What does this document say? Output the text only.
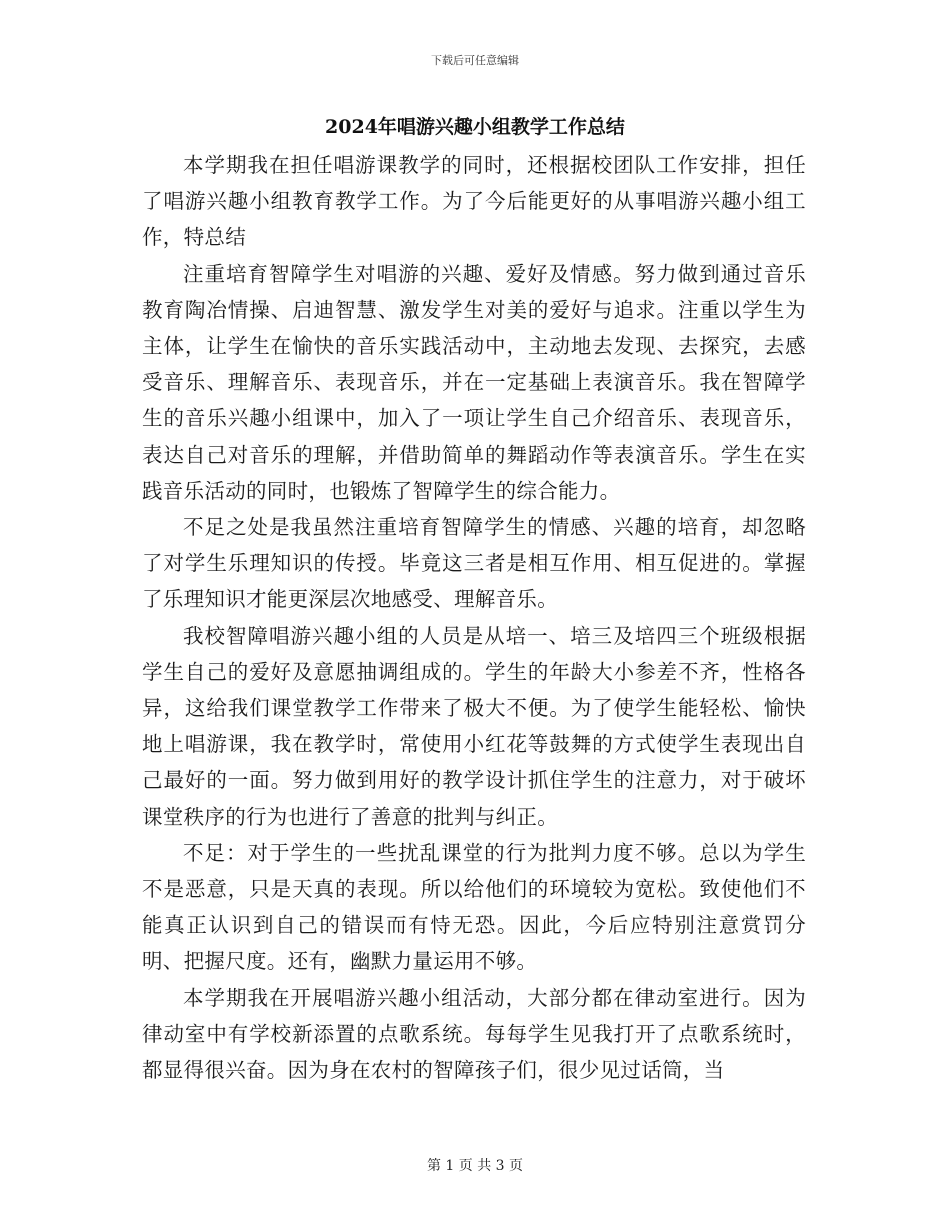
下载后可任意编辑
2024年唱游兴趣小组教学工作总结

本学期我在担任唱游课教学的同时，还根据校团队工作安排，担任了唱游兴趣小组教育教学工作。为了今后能更好的从事唱游兴趣小组工作，特总结

注重培育智障学生对唱游的兴趣、爱好及情感。努力做到通过音乐教育陶冶情操、启迪智慧、激发学生对美的爱好与追求。注重以学生为主体，让学生在愉快的音乐实践活动中，主动地去发现、去探究，去感受音乐、理解音乐、表现音乐，并在一定基础上表演音乐。我在智障学生的音乐兴趣小组课中，加入了一项让学生自己介绍音乐、表现音乐，表达自己对音乐的理解，并借助简单的舞蹈动作等表演音乐。学生在实践音乐活动的同时，也锻炼了智障学生的综合能力。

不足之处是我虽然注重培育智障学生的情感、兴趣的培育，却忽略了对学生乐理知识的传授。毕竟这三者是相互作用、相互促进的。掌握了乐理知识才能更深层次地感受、理解音乐。

我校智障唱游兴趣小组的人员是从培一、培三及培四三个班级根据学生自己的爱好及意愿抽调组成的。学生的年龄大小参差不齐，性格各异，这给我们课堂教学工作带来了极大不便。为了使学生能轻松、愉快地上唱游课，我在教学时，常使用小红花等鼓舞的方式使学生表现出自己最好的一面。努力做到用好的教学设计抓住学生的注意力，对于破坏课堂秩序的行为也进行了善意的批判与纠正。

不足：对于学生的一些扰乱课堂的行为批判力度不够。总以为学生不是恶意，只是天真的表现。所以给他们的环境较为宽松。致使他们不能真正认识到自己的错误而有恃无恐。因此，今后应特别注意赏罚分明、把握尺度。还有，幽默力量运用不够。

本学期我在开展唱游兴趣小组活动，大部分都在律动室进行。因为律动室中有学校新添置的点歌系统。每每学生见我打开了点歌系统时，都显得很兴奋。因为身在农村的智障孩子们，很少见过话筒，当

第 1 页 共 3 页
